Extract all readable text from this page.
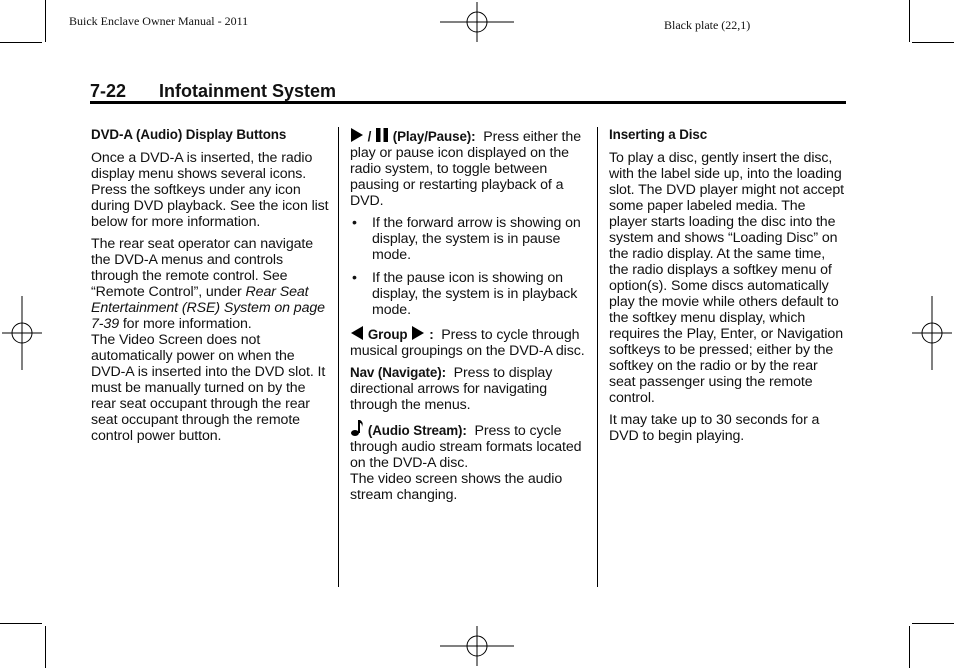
Buick Enclave Owner Manual - 2011	Black plate (22,1)
7-22 Infotainment System
DVD-A (Audio) Display Buttons

Once a DVD-A is inserted, the radio display menu shows several icons. Press the softkeys under any icon during DVD playback. See the icon list below for more information.

The rear seat operator can navigate the DVD-A menus and controls through the remote control. See “Remote Control”, under Rear Seat Entertainment (RSE) System on page 7-39 for more information.

The Video Screen does not automatically power on when the DVD-A is inserted into the DVD slot. It must be manually turned on by the rear seat occupant through the rear seat occupant through the remote control power button.

/  (Play/Pause): Press either the play or pause icon displayed on the radio system, to toggle between pausing or restarting playback of a DVD.

• If the forward arrow is showing on display, the system is in pause mode.
• If the pause icon is showing on display, the system is in playback mode.

Group : Press to cycle through musical groupings on the DVD-A disc.

Nav (Navigate): Press to display directional arrows for navigating through the menus.

(Audio Stream): Press to cycle through audio stream formats located on the DVD-A disc.

The video screen shows the audio stream changing.

Inserting a Disc

To play a disc, gently insert the disc, with the label side up, into the loading slot. The DVD player might not accept some paper labeled media. The player starts loading the disc into the system and shows “Loading Disc” on the radio display. At the same time, the radio displays a softkey menu of option(s). Some discs automatically play the movie while others default to the softkey menu display, which requires the Play, Enter, or Navigation softkeys to be pressed; either by the softkey on the radio or by the rear seat passenger using the remote control.

It may take up to 30 seconds for a DVD to begin playing.
